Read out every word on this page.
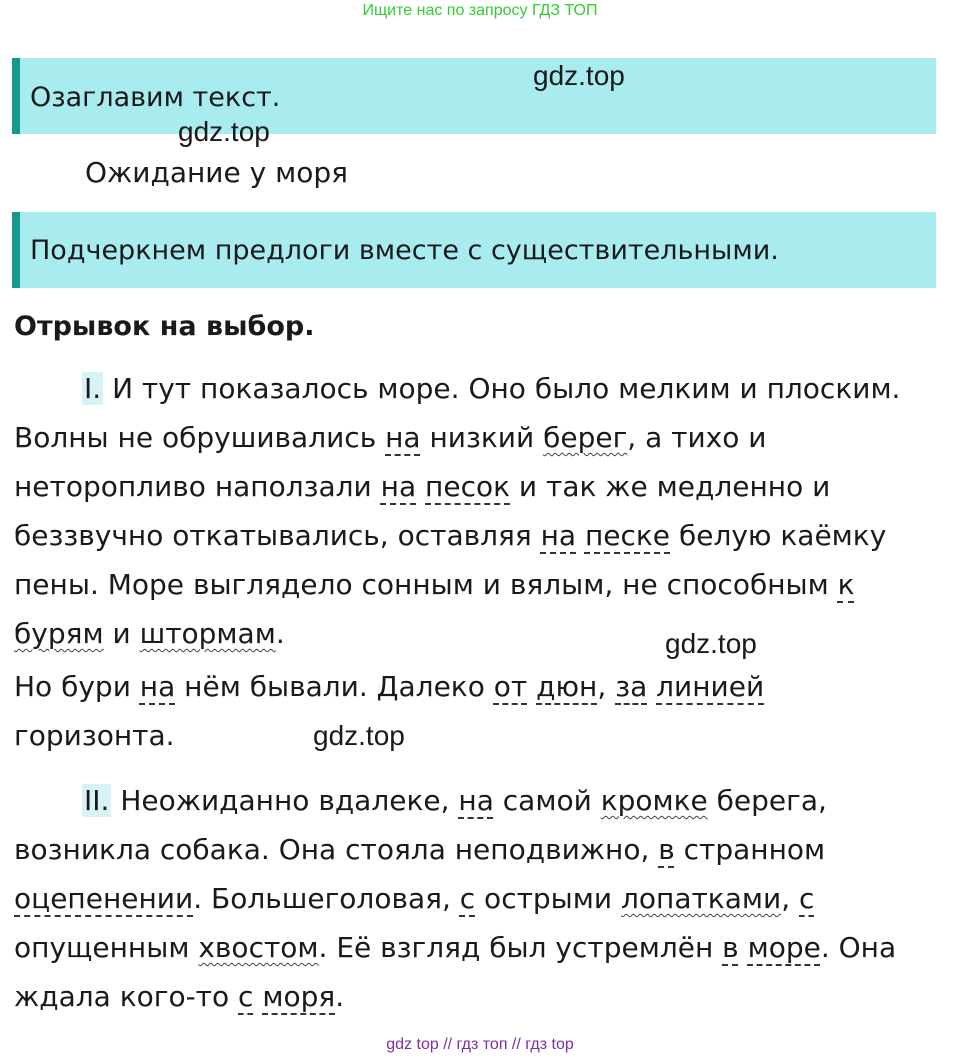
Ищите нас по запросу ГДЗ ТОП
Озаглавим текст.
gdz.top
gdz.top
Ожидание у моря
Подчеркнем предлоги вместе с существительными.
Отрывок на выбор.
I. И тут показалось море. Оно было мелким и плоским.
Волны не обрушивались на низкий берег, а тихо и
неторопливо наползали на песок и так же медленно и
беззвучно откатывались, оставляя на песке белую каёмку
пены. Море выглядело сонным и вялым, не способным к
бурям и штормам.
Но бури на нём бывали. Далеко от дюн, за линией
горизонта.
gdz.top
gdz.top
II. Неожиданно вдалеке, на самой кромке берега,
возникла собака. Она стояла неподвижно, в странном
оцепенении. Большеголовая, с острыми лопатками, с
опущенным хвостом. Её взгляд был устремлён в море. Она
ждала кого-то с моря.
gdz top // гдз топ // гдз top
